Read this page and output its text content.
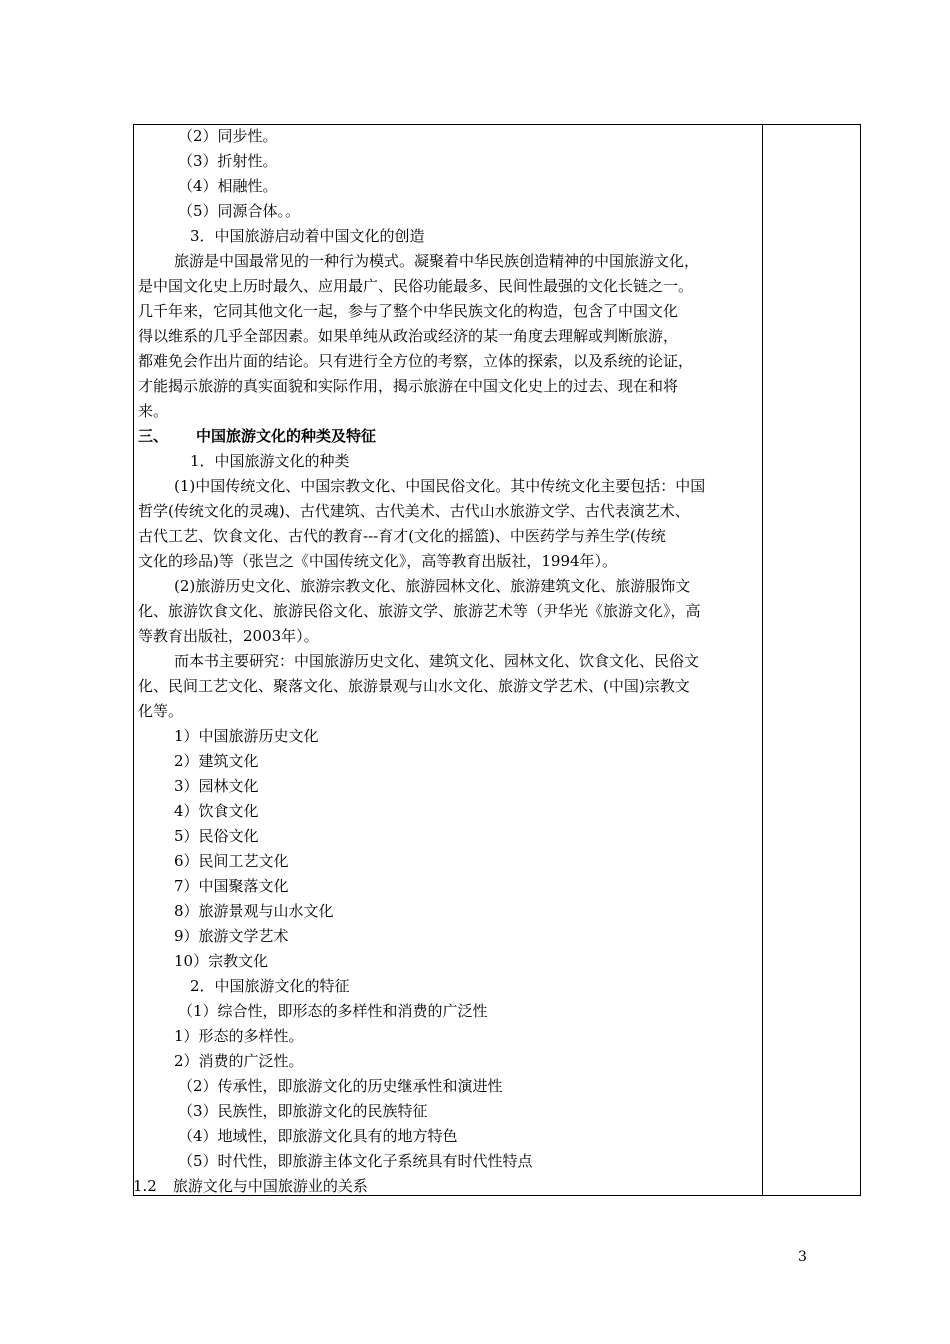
（2）同步性。
（3）折射性。
（4）相融性。
（5）同源合体。。
3．中国旅游启动着中国文化的创造
旅游是中国最常见的一种行为模式。凝聚着中华民族创造精神的中国旅游文化，
是中国文化史上历时最久、应用最广、民俗功能最多、民间性最强的文化长链之一。
几千年来，它同其他文化一起，参与了整个中华民族文化的构造，包含了中国文化
得以维系的几乎全部因素。如果单纯从政治或经济的某一角度去理解或判断旅游，
都难免会作出片面的结论。只有进行全方位的考察，立体的探索，以及系统的论证，
才能揭示旅游的真实面貌和实际作用，揭示旅游在中国文化史上的过去、现在和将
来。
三、 中国旅游文化的种类及特征
1．中国旅游文化的种类
(1)中国传统文化、中国宗教文化、中国民俗文化。其中传统文化主要包括：中国
哲学(传统文化的灵魂)、古代建筑、古代美术、古代山水旅游文学、古代表演艺术、
古代工艺、饮食文化、古代的教育---育才(文化的摇篮)、中医药学与养生学(传统
文化的珍品)等（张岂之《中国传统文化》，高等教育出版社，1994年）。
(2)旅游历史文化、旅游宗教文化、旅游园林文化、旅游建筑文化、旅游服饰文
化、旅游饮食文化、旅游民俗文化、旅游文学、旅游艺术等（尹华光《旅游文化》，高
等教育出版社，2003年）。
而本书主要研究：中国旅游历史文化、建筑文化、园林文化、饮食文化、民俗文
化、民间工艺文化、聚落文化、旅游景观与山水文化、旅游文学艺术、(中国)宗教文
化等。
1）中国旅游历史文化
2）建筑文化
3）园林文化
4）饮食文化
5）民俗文化
6）民间工艺文化
7）中国聚落文化
8）旅游景观与山水文化
9）旅游文学艺术
10）宗教文化
2．中国旅游文化的特征
（1）综合性，即形态的多样性和消费的广泛性
1）形态的多样性。
2）消费的广泛性。
（2）传承性，即旅游文化的历史继承性和演进性
（3）民族性，即旅游文化的民族特征
（4）地域性，即旅游文化具有的地方特色
（5）时代性，即旅游主体文化子系统具有时代性特点
1.2 旅游文化与中国旅游业的关系
3
